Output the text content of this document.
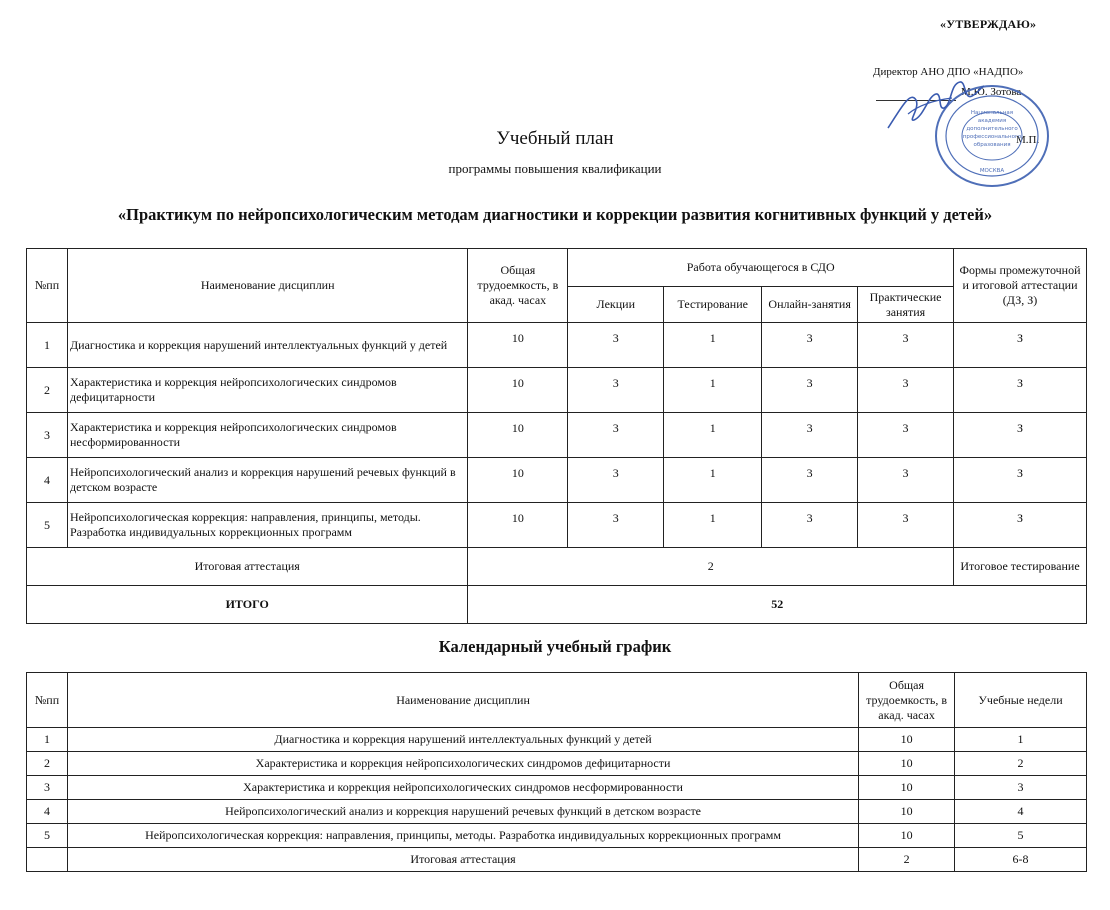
«УТВЕРЖДАЮ»
Директор АНО ДПО «НАДПО»
М.Ю. Зотова
М.П.
Национальная
академия
дополнительного
профессионального
образования
МОСКВА
Учебный план
программы повышения квалификации
«Практикум по нейропсихологическим методам диагностики и коррекции развития когнитивных функций у детей»
№пп	Наименование дисциплин	Общая трудоемкость, в акад. часах	Работа обучающегося в СДО				Формы промежуточной и итоговой аттестации (ДЗ, З)
			Лекции	Тестирование	Онлайн-занятия	Практические занятия	
1	Диагностика и коррекция нарушений интеллектуальных функций у детей	10	3	1	3	3	З
2	Характеристика и коррекция нейропсихологических синдромов дефицитарности	10	3	1	3	3	З
3	Характеристика и коррекция нейропсихологических синдромов несформированности	10	3	1	3	3	З
4	Нейропсихологический анализ и коррекция нарушений речевых функций в детском возрасте	10	3	1	3	3	З
5	Нейропсихологическая коррекция: направления, принципы, методы. Разработка индивидуальных коррекционных программ	10	3	1	3	3	З
Итоговая аттестация		2					Итоговое тестирование
ИТОГО		52					
Календарный учебный график
№пп	Наименование дисциплин	Общая трудоемкость, в акад. часах	Учебные недели
1	Диагностика и коррекция нарушений интеллектуальных функций у детей	10	1
2	Характеристика и коррекция нейропсихологических синдромов дефицитарности	10	2
3	Характеристика и коррекция нейропсихологических синдромов несформированности	10	3
4	Нейропсихологический анализ и коррекция нарушений речевых функций в детском возрасте	10	4
5	Нейропсихологическая коррекция: направления, принципы, методы. Разработка индивидуальных коррекционных программ	10	5
	Итоговая аттестация	2	6-8
